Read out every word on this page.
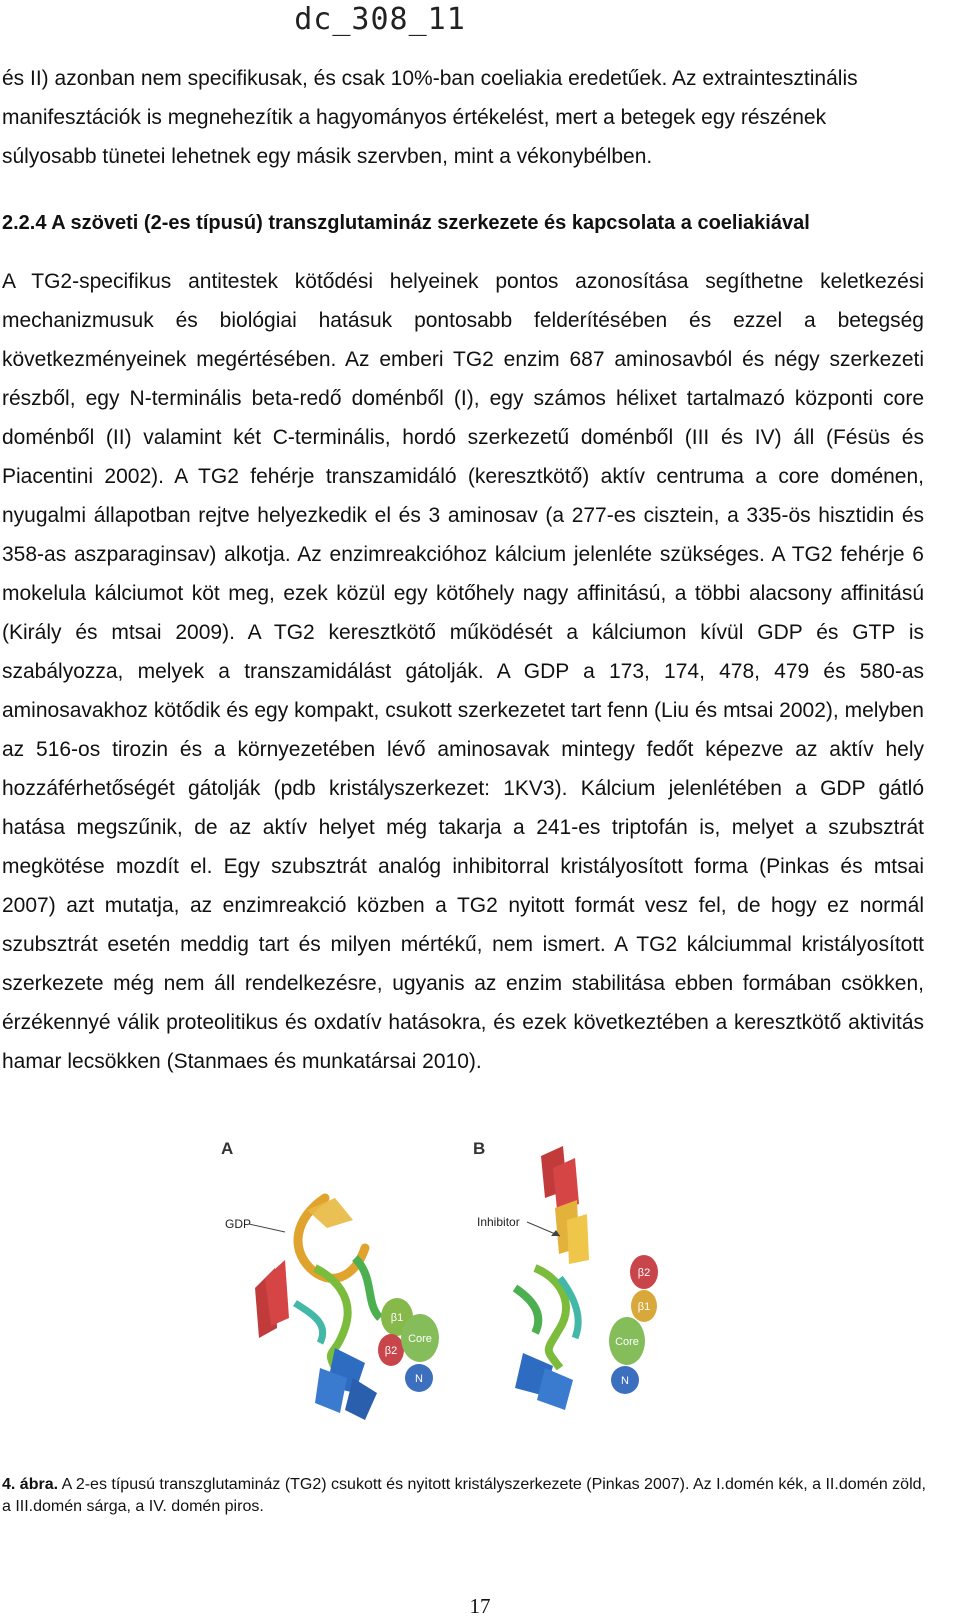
dc_308_11

és II) azonban nem specifikusak, és csak 10%-ban coeliakia eredetűek. Az extraintesztinális manifesztációk is megnehezítik a hagyományos értékelést, mert a betegek egy részének súlyosabb tünetei lehetnek egy másik szervben, mint a vékonybélben.

2.2.4 A szöveti (2-es típusú) transzglutamináz szerkezete és kapcsolata a coeliakiával

A TG2-specifikus antitestek kötődési helyeinek pontos azonosítása segíthetne keletkezési mechanizmusuk és biológiai hatásuk pontosabb felderítésében és ezzel a betegség következményeinek megértésében. Az emberi TG2 enzim 687 aminosavból és négy szerkezeti részből, egy N-terminális beta-redő doménből (I), egy számos hélixet tartalmazó központi core doménből (II) valamint két C-terminális, hordó szerkezetű doménből (III és IV) áll (Fésüs és Piacentini 2002). A TG2 fehérje transzamidáló (keresztkötő) aktív centruma a core doménen, nyugalmi állapotban rejtve helyezkedik el és 3 aminosav (a 277-es cisztein, a 335-ös hisztidin és 358-as aszparaginsav) alkotja. Az enzimreakcióhoz kálcium jelenléte szükséges. A TG2 fehérje 6 mokelula kálciumot köt meg, ezek közül egy kötőhely nagy affinitású, a többi alacsony affinitású (Király és mtsai 2009). A TG2 keresztkötő működését a kálciumon kívül GDP és GTP is szabályozza, melyek a transzamidálást gátolják. A GDP a 173, 174, 478, 479 és 580-as aminosavakhoz kötődik és egy kompakt, csukott szerkezetet tart fenn (Liu és mtsai 2002), melyben az 516-os tirozin és a környezetében lévő aminosavak mintegy fedőt képezve az aktív hely hozzáférhetőségét gátolják (pdb kristályszerkezet: 1KV3). Kálcium jelenlétében a GDP gátló hatása megszűnik, de az aktív helyet még takarja a 241-es triptofán is, melyet a szubsztrát megkötése mozdít el. Egy szubsztrát analóg inhibitorral kristályosított forma (Pinkas és mtsai 2007) azt mutatja, az enzimreakció közben a TG2 nyitott formát vesz fel, de hogy ez normál szubsztrát esetén meddig tart és milyen mértékű, nem ismert. A TG2 kálciummal kristályosított szerkezete még nem áll rendelkezésre, ugyanis az enzim stabilitása ebben formában csökken, érzékennyé válik proteolitikus és oxdatív hatásokra, és ezek következtében a keresztkötő aktivitás hamar lecsökken (Stanmaes és munkatársai 2010).

A
GDP
β1
β2
Core
N
B
Inhibitor
β2
β1
Core
N
4. ábra. A 2-es típusú transzglutamináz (TG2) csukott és nyitott kristályszerkezete (Pinkas 2007). Az I.domén kék, a II.domén zöld, a III.domén sárga, a IV. domén piros.
17
